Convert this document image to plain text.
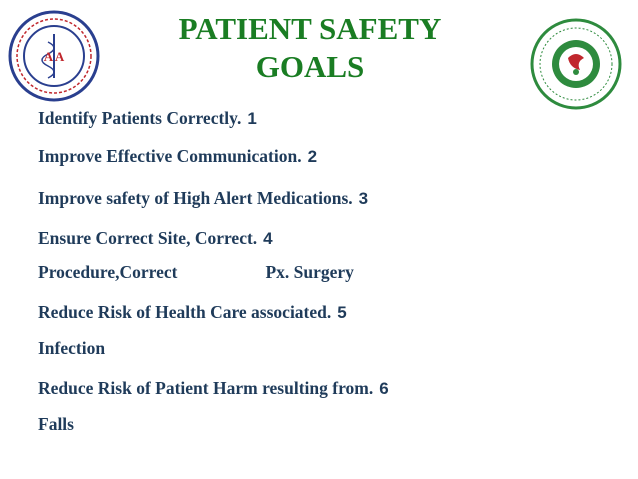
A A
PATIENT SAFETY
GOALS
Identify Patients Correctly. 1
Improve Effective Communication. 2
Improve safety of High Alert Medications. 3
Ensure Correct Site, Correct. 4
Procedure,Correct	Px. Surgery
Reduce Risk of Health Care associated. 5
Infection
Reduce Risk of Patient Harm resulting from. 6
Falls
